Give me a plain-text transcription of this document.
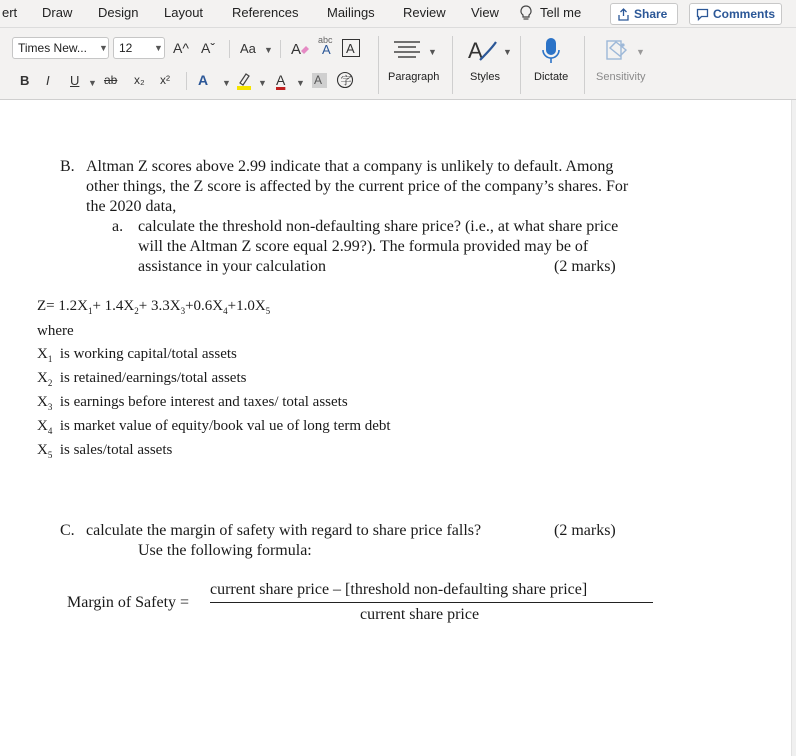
ert Draw Design Layout References Mailings Review View	Tell me	Share	Comments
Times New... ▼ 12 ▼ A^ Aˇ Aa ▼ A
abc
A A
B I U ▼ ab x₂ x² A ▼	▼ A ▼ A 字
▼
Paragraph
A ▼
Styles	Dictate
▼
Sensitivity
B. Altman Z scores above 2.99 indicate that a company is unlikely to default. Among
other things, the Z score is affected by the current price of the company’s shares. For
the 2020 data,
a. calculate the threshold non-defaulting share price? (i.e., at what share price
will the Altman Z score equal 2.99?). The formula provided may be of
assistance in your calculation	(2 marks)
$Z= 1.2X_1+ 1.4X_2+ 3.3X_3+0.6X_4+1.0X_5$
where
$X_1$ is working capital/total assets
$X_2$ is retained/earnings/total assets
$X_3$ is earnings before interest and taxes/ total assets
$X_4$ is market value of equity/book val ue of long term debt
$X_5$ is sales/total assets
C. calculate the margin of safety with regard to share price falls?	(2 marks)
Use the following formula:
Margin of Safety =
current share price – [threshold non-defaulting share price]
current share price
